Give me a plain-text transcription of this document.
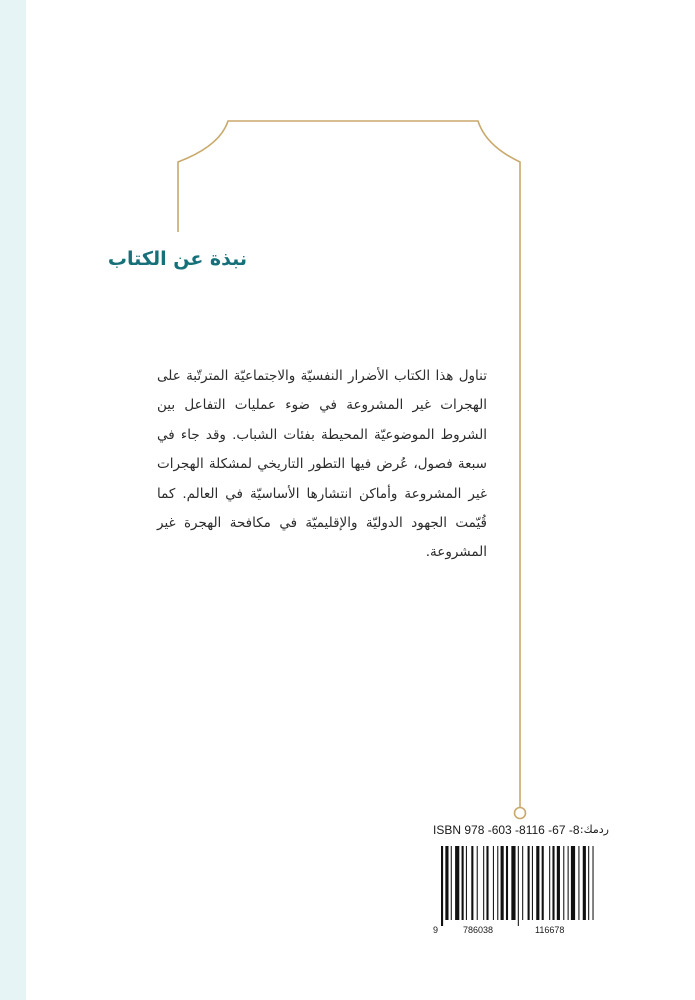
نبذة عن الكتاب

تناول هذا الكتاب الأضرار النفسيّة والاجتماعيّة المترتّبة على الهجرات غير المشروعة في ضوء عمليات التفاعل بين الشروط الموضوعيّة المحيطة بفئات الشباب. وقد جاء في سبعة فصول، عُرض فيها التطور التاريخي لمشكلة الهجرات غير المشروعة وأماكن انتشارها الأساسيّة في العالم. كما قُيّمت الجهود الدوليّة والإقليميّة في مكافحة الهجرة غير المشروعة.

ISBN 978 -603 -8116 -67 -8 ردمك:
9	786038	116678
